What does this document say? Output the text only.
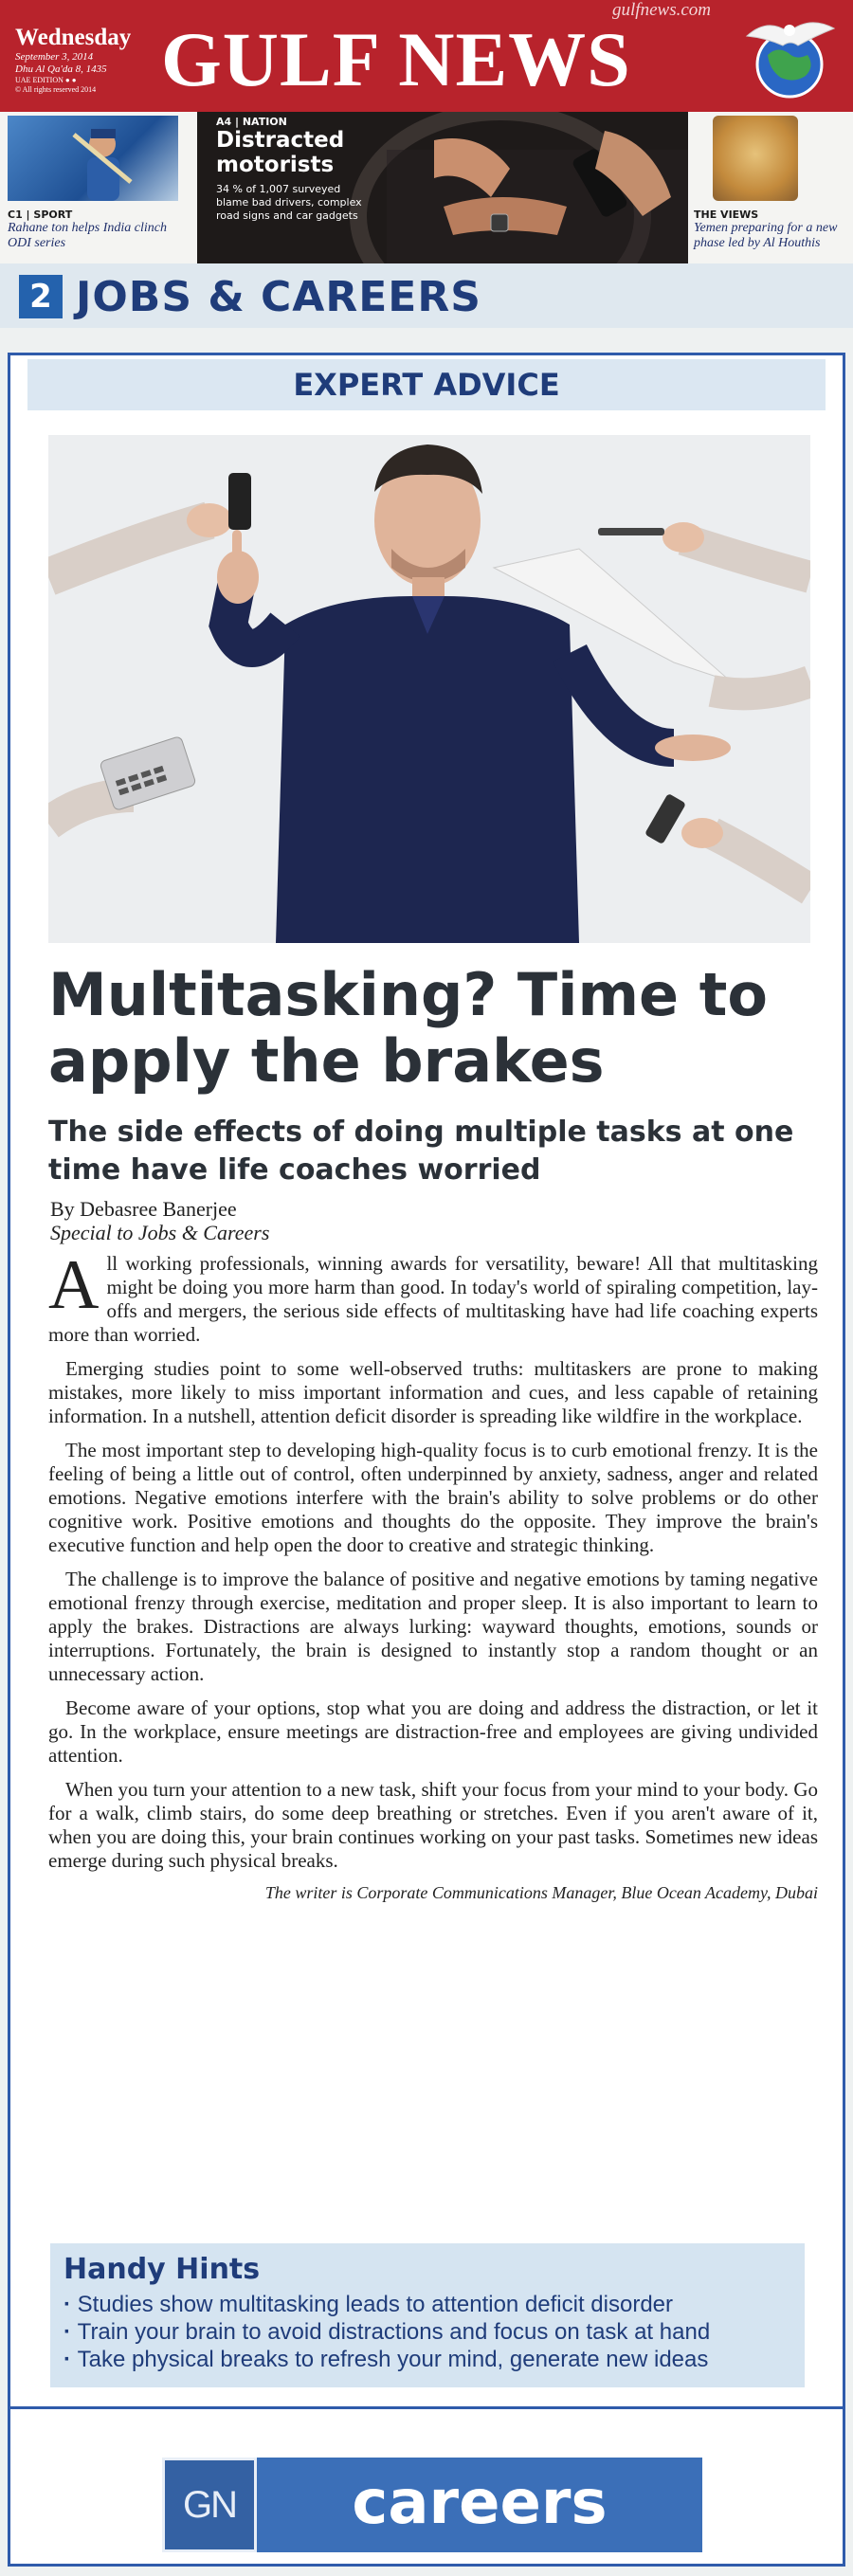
Wednesday
September 3, 2014
Dhu Al Qa'da 8, 1435
UAE EDITION ● ●
© All rights reserved 2014 GULF NEWS
gulfnews.com
C1 | SPORT
Rahane ton helps India clinch ODI series
A4 | NATION
Distracted motorists
34 % of 1,007 surveyed blame bad drivers, complex road signs and car gadgets	THE VIEWS
Yemen preparing for a new phase led by Al Houthis
2 JOBS & CAREERS
EXPERT ADVICE
Multitasking? Time to apply the brakes
The side effects of doing multiple tasks at one time have life coaches worried
By Debasree Banerjee
Special to Jobs & Careers

All working professionals, winning awards for versatility, beware! All that multitasking might be doing you more harm than good. In today's world of spiraling competition, lay-offs and mergers, the serious side effects of multitasking have had life coaching experts more than worried.

Emerging studies point to some well-observed truths: multitaskers are prone to making mistakes, more likely to miss important information and cues, and less capable of retaining information. In a nutshell, attention deficit disorder is spreading like wildfire in the workplace.

The most important step to developing high-quality focus is to curb emotional frenzy. It is the feeling of being a little out of control, often underpinned by anxiety, sadness, anger and related emotions. Negative emotions interfere with the brain's ability to solve problems or do other cognitive work. Positive emotions and thoughts do the opposite. They improve the brain's executive function and help open the door to creative and strategic thinking.

The challenge is to improve the balance of positive and negative emotions by taming negative emotional frenzy through exercise, meditation and proper sleep. It is also important to learn to apply the brakes. Distractions are always lurking: wayward thoughts, emotions, sounds or interruptions. Fortunately, the brain is designed to instantly stop a random thought or an unnecessary action.

Become aware of your options, stop what you are doing and address the distraction, or let it go. In the workplace, ensure meetings are distraction-free and employees are giving undivided attention.

When you turn your attention to a new task, shift your focus from your mind to your body. Go for a walk, climb stairs, do some deep breathing or stretches. Even if you aren't aware of it, when you are doing this, your brain continues working on your past tasks. Sometimes new ideas emerge during such physical breaks.

The writer is Corporate Communications Manager, Blue Ocean Academy, Dubai
Handy Hints
· Studies show multitasking leads to attention deficit disorder
· Train your brain to avoid distractions and focus on task at hand
· Take physical breaks to refresh your mind, generate new ideas
GN	careers
